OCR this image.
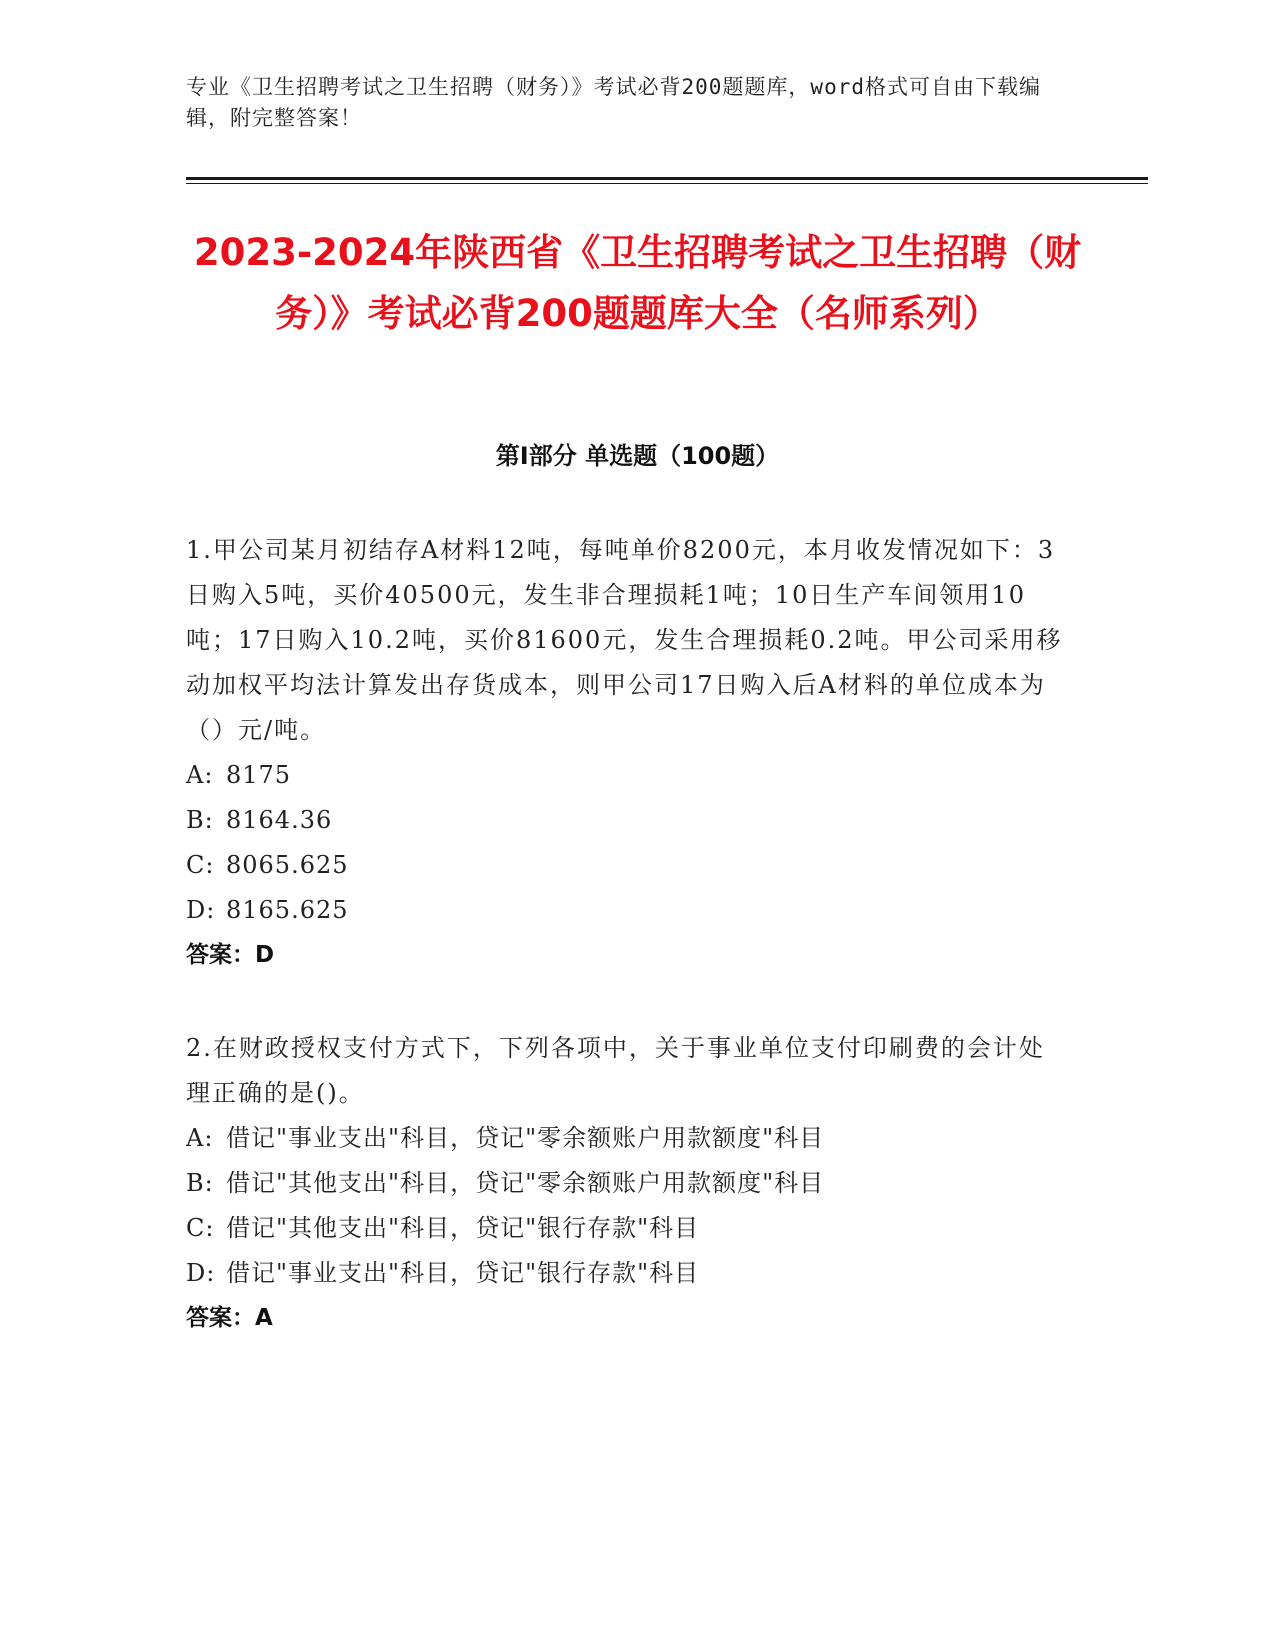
专业《卫生招聘考试之卫生招聘（财务）》考试必背200题题库，word格式可自由下载编辑，附完整答案！
2023-2024年陕西省《卫生招聘考试之卫生招聘（财务）》考试必背200题题库大全（名师系列）
第Ⅰ部分 单选题（100题）

1.甲公司某月初结存A材料12吨，每吨单价8200元，本月收发情况如下：3日购入5吨，买价40500元，发生非合理损耗1吨；10日生产车间领用10吨；17日购入10.2吨，买价81600元，发生合理损耗0.2吨。甲公司采用移动加权平均法计算发出存货成本，则甲公司17日购入后A材料的单位成本为（）元/吨。

A: 8175
B: 8164.36
C: 8065.625
D: 8165.625
答案：D

2.在财政授权支付方式下，下列各项中，关于事业单位支付印刷费的会计处理正确的是()。

A: 借记"事业支出"科目，贷记"零余额账户用款额度"科目
B: 借记"其他支出"科目，贷记"零余额账户用款额度"科目
C: 借记"其他支出"科目，贷记"银行存款"科目
D: 借记"事业支出"科目，贷记"银行存款"科目
答案：A
